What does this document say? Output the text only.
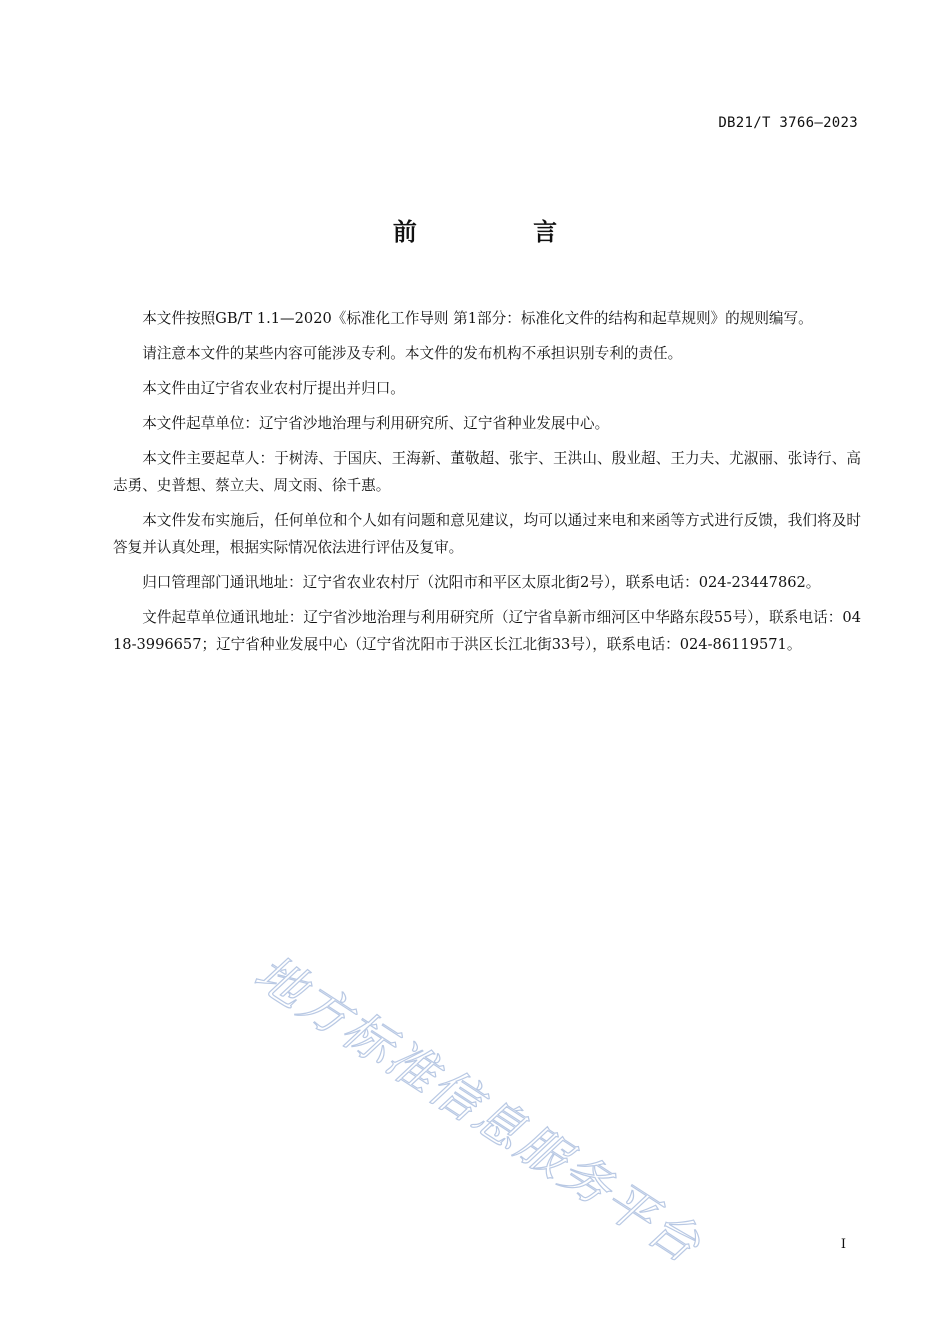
DB21/T 3766—2023
前 言

本文件按照GB/T 1.1—2020《标准化工作导则 第1部分：标准化文件的结构和起草规则》的规则编写。

请注意本文件的某些内容可能涉及专利。本文件的发布机构不承担识别专利的责任。

本文件由辽宁省农业农村厅提出并归口。

本文件起草单位：辽宁省沙地治理与利用研究所、辽宁省种业发展中心。

本文件主要起草人：于树涛、于国庆、王海新、董敬超、张宇、王洪山、殷业超、王力夫、尤淑丽、张诗行、高志勇、史普想、蔡立夫、周文雨、徐千惠。

本文件发布实施后，任何单位和个人如有问题和意见建议，均可以通过来电和来函等方式进行反馈，我们将及时答复并认真处理，根据实际情况依法进行评估及复审。

归口管理部门通讯地址：辽宁省农业农村厅（沈阳市和平区太原北街2号），联系电话：024-23447862。

文件起草单位通讯地址：辽宁省沙地治理与利用研究所（辽宁省阜新市细河区中华路东段55号），联系电话：0418-3996657；辽宁省种业发展中心（辽宁省沈阳市于洪区长江北街33号），联系电话：024-86119571。

地方标准信息服务平台	I
